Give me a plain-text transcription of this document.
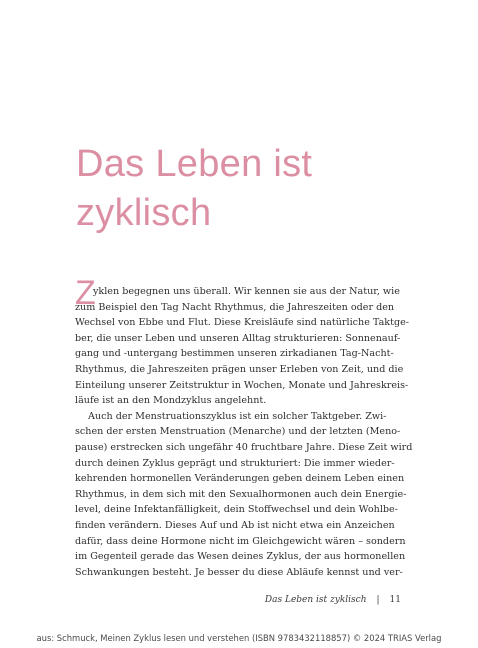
Das Leben ist
zyklisch
Z
yklen begegnen uns überall. Wir kennen sie aus der Natur, wie
zum Beispiel den Tag Nacht Rhythmus, die Jahreszeiten oder den
Wechsel von Ebbe und Flut. Diese Kreisläufe sind natürliche Taktge-
ber, die unser Leben und unseren Alltag strukturieren: Sonnenauf-
gang und -untergang bestimmen unseren zirkadianen Tag-Nacht-
Rhythmus, die Jahreszeiten prägen unser Erleben von Zeit, und die
Einteilung unserer Zeitstruktur in Wochen, Monate und Jahreskreis-
läufe ist an den Mondzyklus angelehnt.
Auch der Menstruationszyklus ist ein solcher Taktgeber. Zwi-
schen der ersten Menstruation (Menarche) und der letzten (Meno-
pause) erstrecken sich ungefähr 40 fruchtbare Jahre. Diese Zeit wird
durch deinen Zyklus geprägt und strukturiert: Die immer wieder-
kehrenden hormonellen Veränderungen geben deinem Leben einen
Rhythmus, in dem sich mit den Sexualhormonen auch dein Energie-
level, deine Infektanfälligkeit, dein Stoffwechsel und dein Wohlbe-
finden verändern. Dieses Auf und Ab ist nicht etwa ein Anzeichen
dafür, dass deine Hormone nicht im Gleichgewicht wären – sondern
im Gegenteil gerade das Wesen deines Zyklus, der aus hormonellen
Schwankungen besteht. Je besser du diese Abläufe kennst und ver-
Das Leben ist zyklisch | 11
aus: Schmuck, Meinen Zyklus lesen und verstehen (ISBN 9783432118857) © 2024 TRIAS Verlag
